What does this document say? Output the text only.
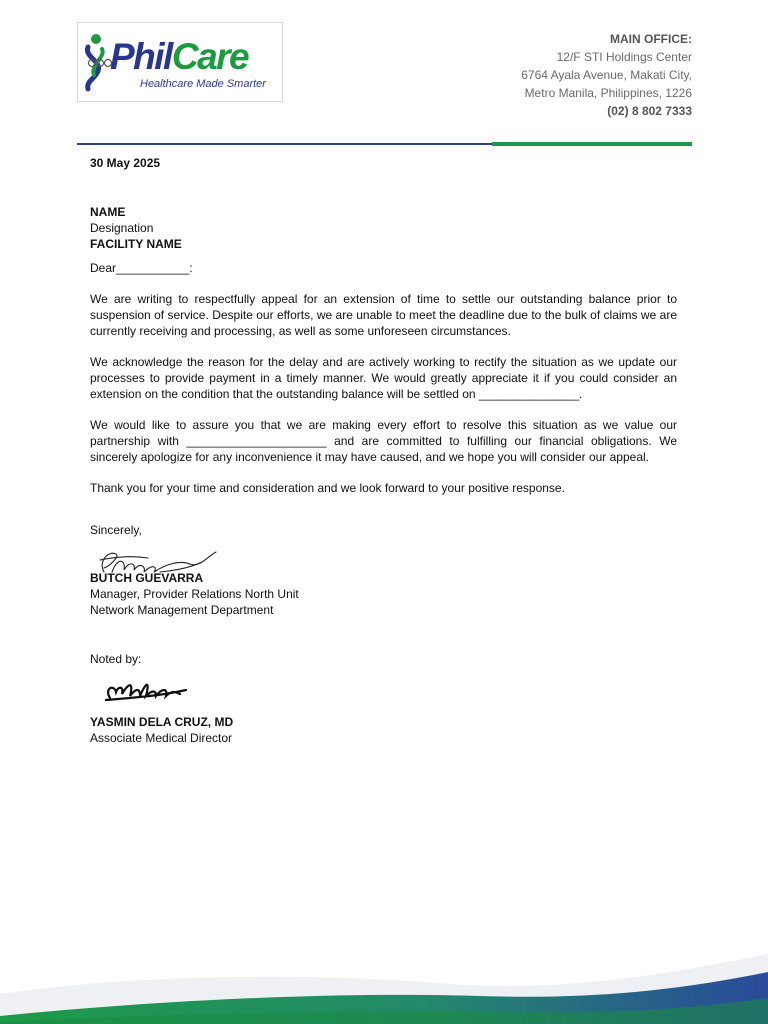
PhilCare
Healthcare Made Smarter
MAIN OFFICE:
12/F STI Holdings Center
6764 Ayala Avenue, Makati City,
Metro Manila, Philippines, 1226
(02) 8 802 7333

30 May 2025

NAME

Designation

FACILITY NAME

Dear___________:

We are writing to respectfully appeal for an extension of time to settle our outstanding balance prior to suspension of service. Despite our efforts, we are unable to meet the deadline due to the bulk of claims we are currently receiving and processing, as well as some unforeseen circumstances.

We acknowledge the reason for the delay and are actively working to rectify the situation as we update our processes to provide payment in a timely manner. We would greatly appreciate it if you could consider an extension on the condition that the outstanding balance will be settled on _______________.

We would like to assure you that we are making every effort to resolve this situation as we value our partnership with _____________________ and are committed to fulfilling our financial obligations. We sincerely apologize for any inconvenience it may have caused, and we hope you will consider our appeal.

Thank you for your time and consideration and we look forward to your positive response.

Sincerely,

BUTCH GUEVARRA

Manager, Provider Relations North Unit

Network Management Department

Noted by:

YASMIN DELA CRUZ, MD

Associate Medical Director
